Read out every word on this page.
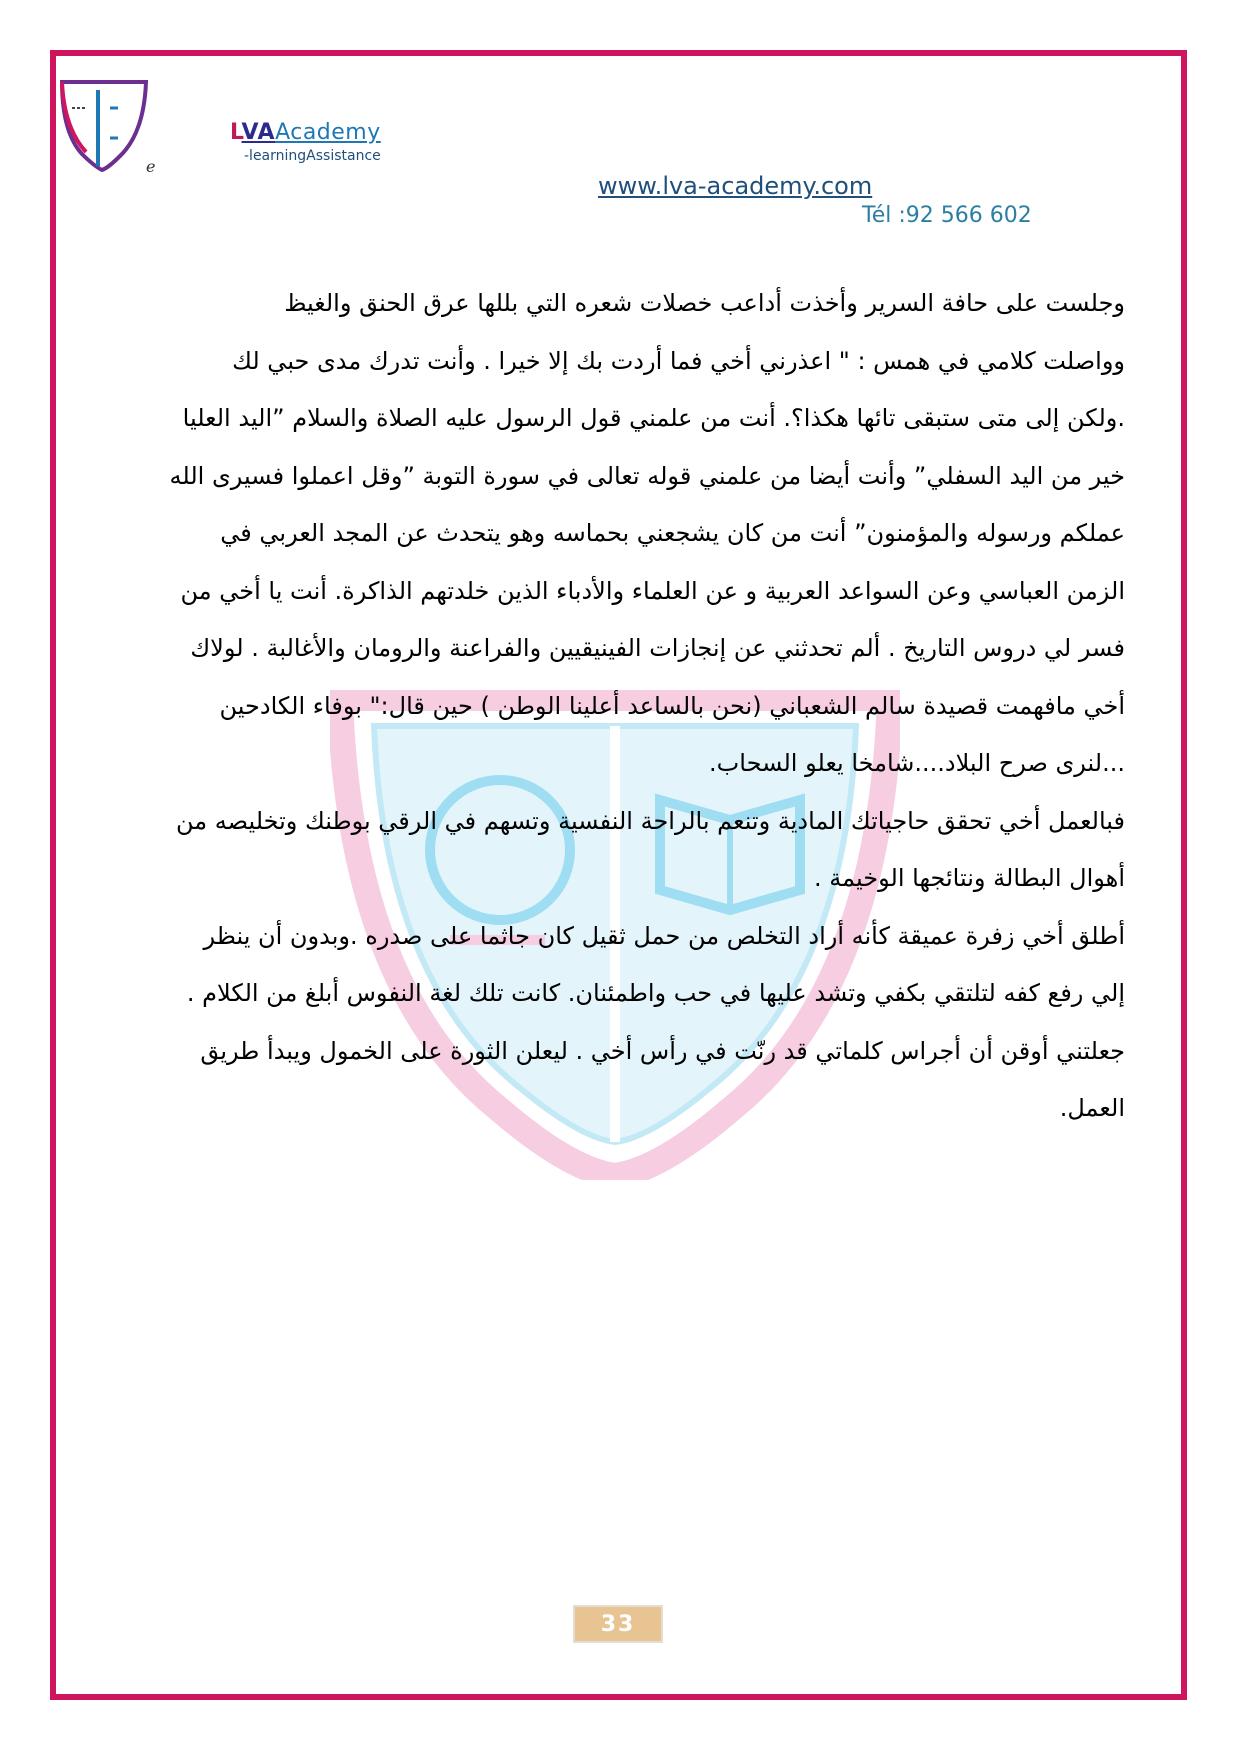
e
LVAAcademy
-learningAssistance
www.lva-academy.com
Tél :92 566 602
وجلست على حافة السرير وأخذت أداعب خصلات شعره التي بللها عرق الحنق والغيظ
وواصلت كلامي في همس : " اعذرني أخي فما أردت بك إلا خيرا . وأنت تدرك مدى حبي لك
.ولكن إلى متى ستبقى تائها هكذا؟. أنت من علمني قول الرسول عليه الصلاة والسلام ”اليد العليا
خير من اليد السفلي” وأنت أيضا من علمني قوله تعالى في سورة التوبة ”وقل اعملوا فسيرى الله
عملكم ورسوله والمؤمنون” أنت من كان يشجعني بحماسه وهو يتحدث عن المجد العربي في
الزمن العباسي وعن السواعد العربية و عن العلماء والأدباء الذين خلدتهم الذاكرة. أنت يا أخي من
فسر لي دروس التاريخ . ألم تحدثني عن إنجازات الفينيقيين والفراعنة والرومان والأغالبة . لولاك
أخي مافهمت قصيدة سالم الشعباني (نحن بالساعد أعلينا الوطن ) حين قال:" بوفاء الكادحين
...لنرى صرح البلاد....شامخا يعلو السحاب.
فبالعمل أخي تحقق حاجياتك المادية وتنعم بالراحة النفسية وتسهم في الرقي بوطنك وتخليصه من
أهوال البطالة ونتائجها الوخيمة .
أطلق أخي زفرة عميقة كأنه أراد التخلص من حمل ثقيل كان جاثما على صدره .وبدون أن ينظر
إلي رفع كفه لتلتقي بكفي وتشد عليها في حب واطمئنان. كانت تلك لغة النفوس أبلغ من الكلام .
جعلتني أوقن أن أجراس كلماتي قد رنّت في رأس أخي . ليعلن الثورة على الخمول ويبدأ طريق
العمل.
33
